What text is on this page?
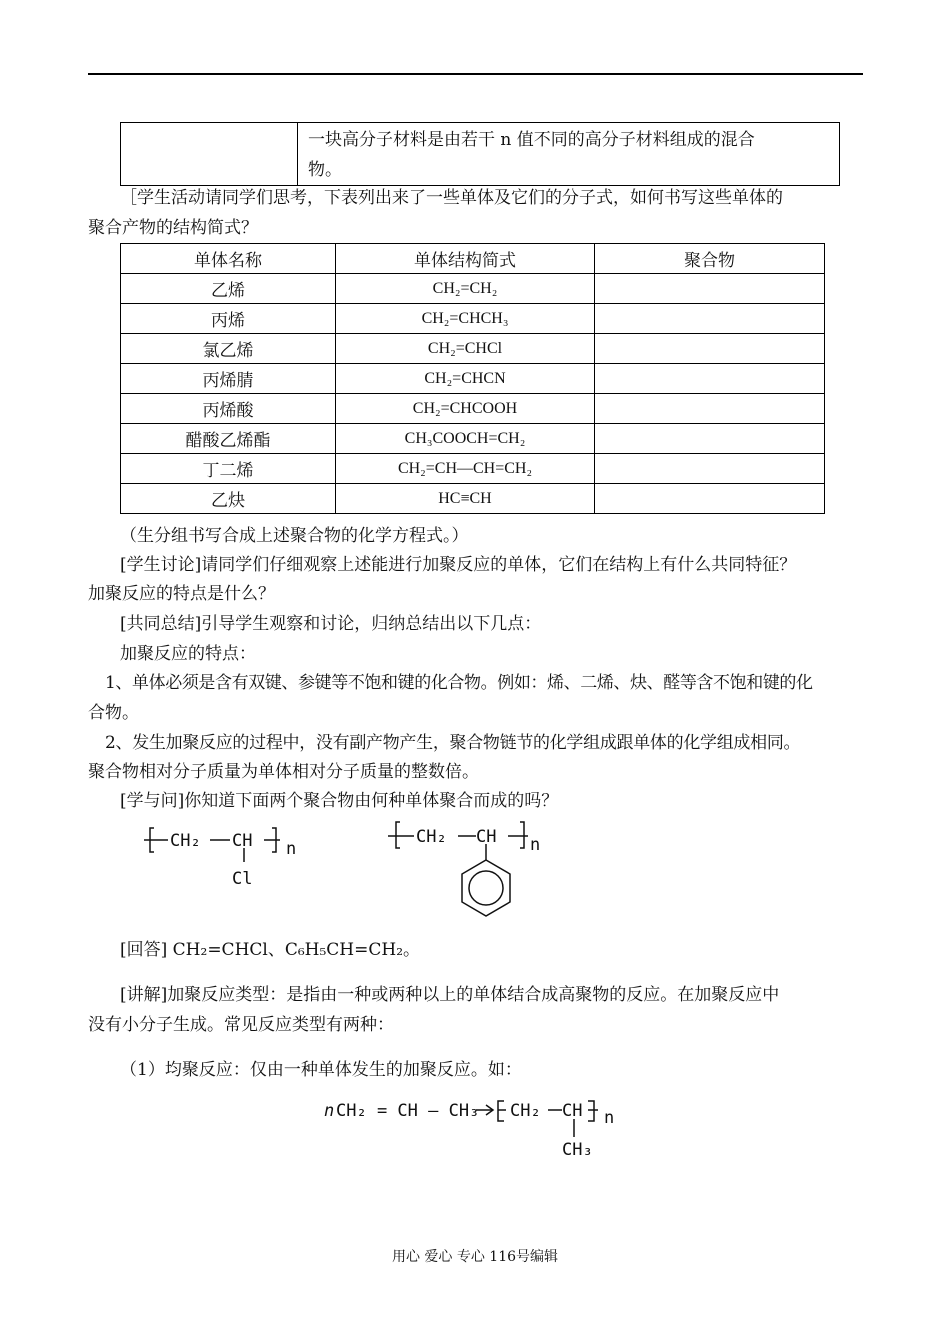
一块高分子材料是由若干 n 值不同的高分子材料组成的混合
物。
［学生活动请同学们思考，下表列出来了一些单体及它们的分子式，如何书写这些单体的
聚合产物的结构简式？
单体名称	单体结构简式	聚合物
乙烯	CH₂=CH₂	
丙烯	CH₂=CHCH₃	
氯乙烯	CH₂=CHCl	
丙烯腈	CH₂=CHCN	
丙烯酸	CH₂=CHCOOH	
醋酸乙烯酯	CH₃COOCH=CH₂	
丁二烯	CH₂=CH—CH=CH₂	
乙炔	HC≡CH	
（生分组书写合成上述聚合物的化学方程式。）
[学生讨论]请同学们仔细观察上述能进行加聚反应的单体，它们在结构上有什么共同特征？
加聚反应的特点是什么？
[共同总结]引导学生观察和讨论，归纳总结出以下几点：
加聚反应的特点：
1、单体必须是含有双键、参键等不饱和键的化合物。例如：烯、二烯、炔、醛等含不饱和键的化
合物。
2、发生加聚反应的过程中，没有副产物产生，聚合物链节的化学组成跟单体的化学组成相同。
聚合物相对分子质量为单体相对分子质量的整数倍。
[学与问]你知道下面两个聚合物由何种单体聚合而成的吗？
CH₂ CH
Cl
n
CH₂ CH n
[回答] CH₂=CHCl、C₆H₅CH=CH₂。
[讲解]加聚反应类型：是指由一种或两种以上的单体结合成高聚物的反应。在加聚反应中
没有小分子生成。常见反应类型有两种：
（1）均聚反应：仅由一种单体发生的加聚反应。如：
n CH₂ = CH — CH₃ CH₂ CH
CH₃
n
用心 爱心 专心 116号编辑
